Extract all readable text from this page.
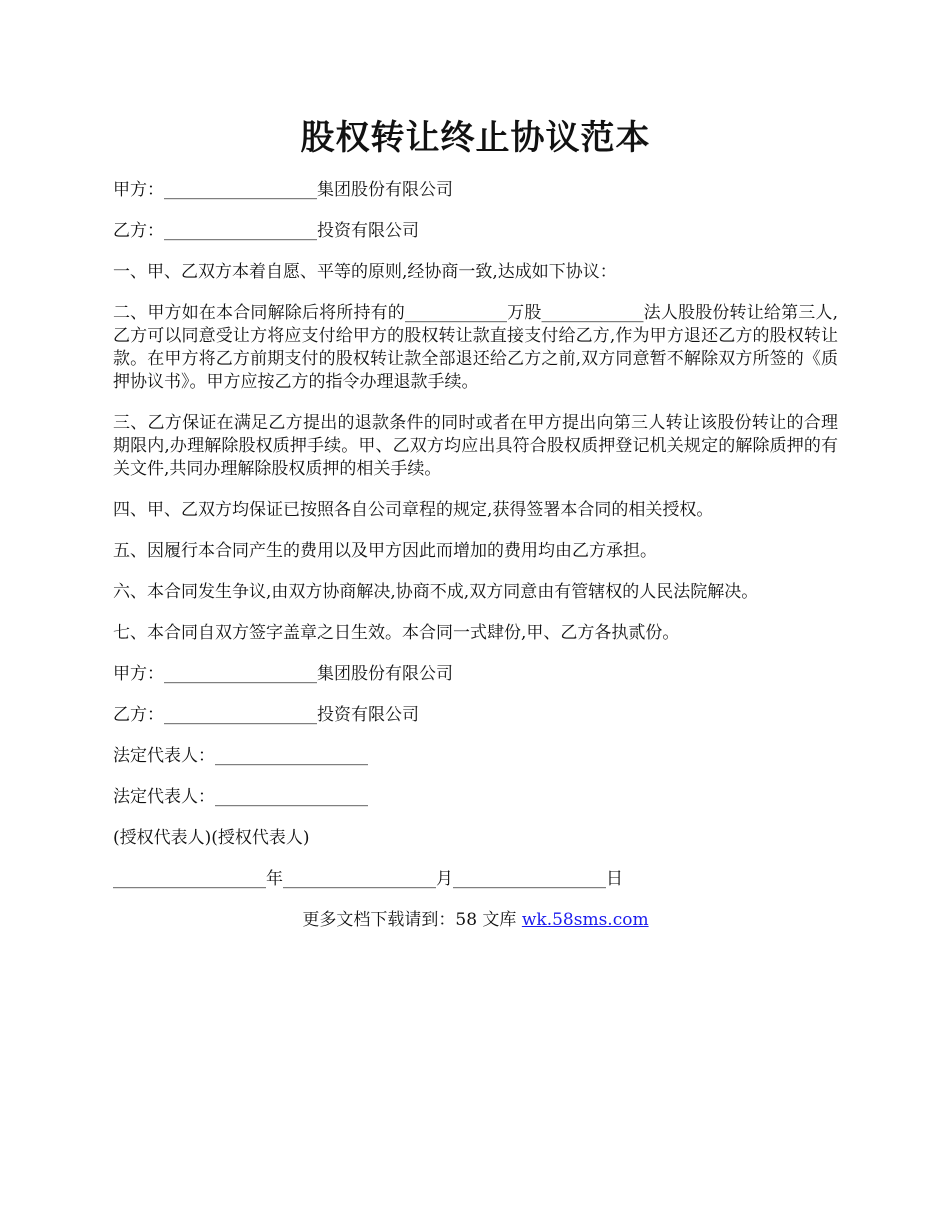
股权转让终止协议范本

甲方：__________________集团股份有限公司

乙方：__________________投资有限公司

一、甲、乙双方本着自愿、平等的原则,经协商一致,达成如下协议：

二、甲方如在本合同解除后将所持有的____________万股____________法人股股份转让给第三人,乙方可以同意受让方将应支付给甲方的股权转让款直接支付给乙方,作为甲方退还乙方的股权转让款。在甲方将乙方前期支付的股权转让款全部退还给乙方之前,双方同意暂不解除双方所签的《质押协议书》。甲方应按乙方的指令办理退款手续。

三、乙方保证在满足乙方提出的退款条件的同时或者在甲方提出向第三人转让该股份转让的合理期限内,办理解除股权质押手续。甲、乙双方均应出具符合股权质押登记机关规定的解除质押的有关文件,共同办理解除股权质押的相关手续。

四、甲、乙双方均保证已按照各自公司章程的规定,获得签署本合同的相关授权。

五、因履行本合同产生的费用以及甲方因此而增加的费用均由乙方承担。

六、本合同发生争议,由双方协商解决,协商不成,双方同意由有管辖权的人民法院解决。

七、本合同自双方签字盖章之日生效。本合同一式肆份,甲、乙方各执贰份。

甲方：__________________集团股份有限公司

乙方：__________________投资有限公司

法定代表人：__________________

法定代表人：__________________

(授权代表人)(授权代表人)

__________________年__________________月__________________日

更多文档下载请到：58 文库 wk.58sms.com
